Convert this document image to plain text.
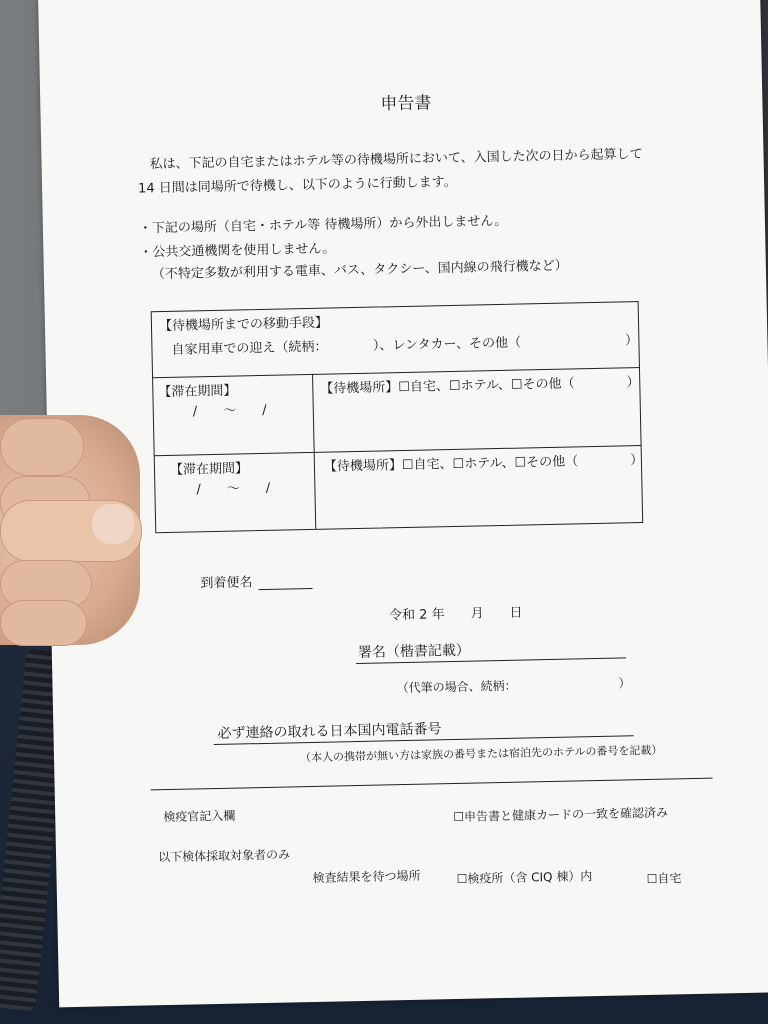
申告書
私は、下記の自宅またはホテル等の待機場所において、入国した次の日から起算して
14 日間は同場所で待機し、以下のように行動します。
・下記の場所（自宅・ホテル等 待機場所）から外出しません。
・公共交通機関を使用しません。
（不特定多数が利用する電車、バス、タクシー、国内線の飛行機など）
【待機場所までの移動手段】
自家用車での迎え（続柄：　　　　）、レンタカー、その他（　　　　　　　　）
【滞在期間】
/　　～　　/
【待機場所】☐自宅、☐ホテル、☐その他（　　　　）
【滞在期間】
/　　～　　/
【待機場所】☐自宅、☐ホテル、☐その他（　　　　）
到着便名
令和 2 年　　月　　日
署名（楷書記載）
（代筆の場合、続柄：　　　　　　　　　）
必ず連絡の取れる日本国内電話番号
（本人の携帯が無い方は家族の番号または宿泊先のホテルの番号を記載）
検疫官記入欄	☐申告書と健康カードの一致を確認済み
以下検体採取対象者のみ
検査結果を待つ場所	☐検疫所（含 CIQ 棟）内	☐自宅
